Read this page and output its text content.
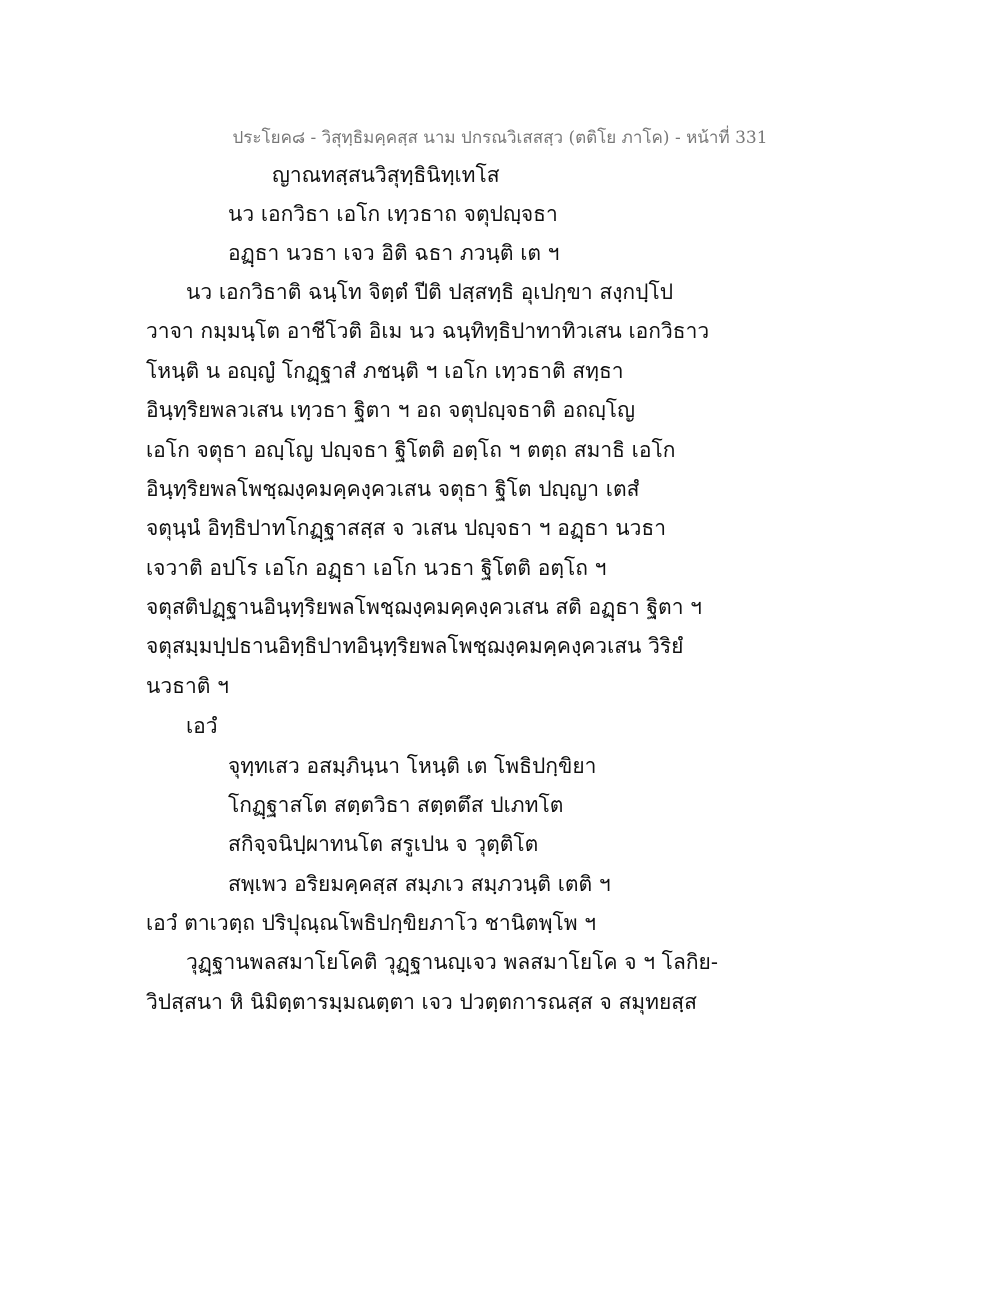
ประโยค๘ - วิสุทฺธิมคฺคสฺส นาม ปกรณวิเสสสฺว (ตติโย ภาโค) - หน้าที่ 331
ญาณทสฺสนวิสุทฺธินิทฺเทโส
นว เอกวิธา เอโก เทฺวธาถ จตุปญฺจธา
อฏฺธา นวธา เจว อิติ ฉธา ภวนฺติ เต ฯ
นว เอกวิธาติ ฉนฺโท จิตฺตํ ปีติ ปสฺสทฺธิ อุเปกฺขา สงฺกปฺโป
วาจา กมฺมนฺโต อาชีโวติ อิเม นว ฉนฺทิทฺธิปาทาทิวเสน เอกวิธาว
โหนฺติ น อญฺญํ โกฏฺฐาสํ ภชนฺติ ฯ เอโก เทฺวธาติ สทฺธา
อินฺทฺริยพลวเสน เทฺวธา ฐิตา ฯ อถ จตุปญฺจธาติ อถญฺโญ
เอโก จตุธา อญฺโญ ปญฺจธา ฐิโตติ อตฺโถ ฯ ตตฺถ สมาธิ เอโก
อินฺทฺริยพลโพชฺฌงฺคมคฺคงฺควเสน จตุธา ฐิโต ปญฺญา เตสํ
จตุนฺนํ อิทฺธิปาทโกฏฺฐาสสฺส จ วเสน ปญฺจธา ฯ อฏฺธา นวธา
เจวาติ อปโร เอโก อฏฺธา เอโก นวธา ฐิโตติ อตฺโถ ฯ
จตุสติปฏฺฐานอินฺทฺริยพลโพชฺฌงฺคมคฺคงฺควเสน สติ อฏฺธา ฐิตา ฯ
จตุสมฺมปฺปธานอิทฺธิปาทอินฺทฺริยพลโพชฺฌงฺคมคฺคงฺควเสน วิริยํ
นวธาติ ฯ
เอวํ
จุทฺทเสว อสมฺภินฺนา โหนฺติ เต โพธิปกฺขิยา
โกฏฺฐาสโต สตฺตวิธา สตฺตตึส ปเภทโต
สกิจฺจนิปฺผาทนโต สรูเปน จ วุตฺติโต
สพฺเพว อริยมคฺคสฺส สมฺภเว สมฺภวนฺติ เตติ ฯ
เอวํ ตาเวตฺถ ปริปุณฺณโพธิปกฺขิยภาโว ชานิตพฺโพ ฯ
วุฏฺฐานพลสมาโยโคติ วุฏฺฐานญฺเจว พลสมาโยโค จ ฯ โลกิย-
วิปสฺสนา หิ นิมิตฺตารมฺมณตฺตา เจว ปวตฺตการณสฺส จ สมุทยสฺส
